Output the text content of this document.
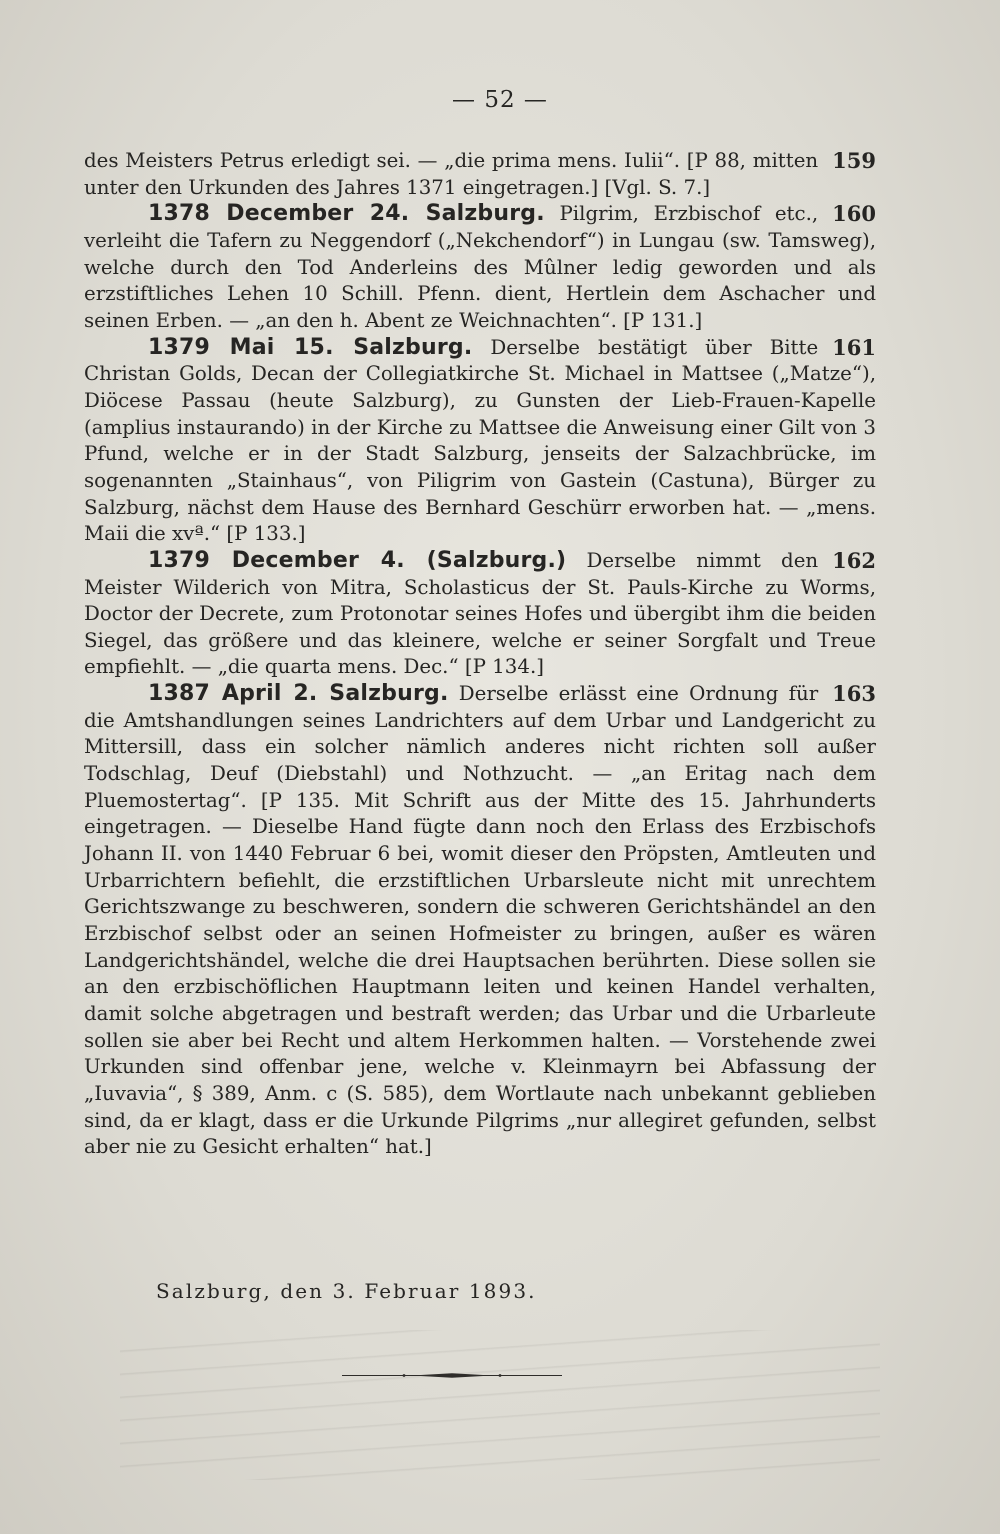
— 52 —

159
des Meisters Petrus erledigt sei. — „die prima mens. Iulii“. [P 88, mitten unter den Urkunden des Jahres 1371 eingetragen.] [Vgl. S. 7.]

160
1378 December 24. Salzburg. Pilgrim, Erzbischof etc., verleiht die Tafern zu Neggendorf („Nekchendorf“) in Lungau (sw. Tamsweg), welche durch den Tod Anderleins des Mûlner ledig geworden und als erzstiftliches Lehen 10 Schill. Pfenn. dient, Hertlein dem Aschacher und seinen Erben. — „an den h. Abent ze Weichnachten“. [P 131.]

161
1379 Mai 15. Salzburg. Derselbe bestätigt über Bitte Christan Golds, Decan der Collegiatkirche St. Michael in Mattsee („Matze“), Diöcese Passau (heute Salzburg), zu Gunsten der Lieb-Frauen-Kapelle (amplius instaurando) in der Kirche zu Mattsee die Anweisung einer Gilt von 3 Pfund, welche er in der Stadt Salzburg, jenseits der Salzachbrücke, im sogenannten „Stainhaus“, von Piligrim von Gastein (Castuna), Bürger zu Salzburg, nächst dem Hause des Bernhard Geschürr erworben hat. — „mens. Maii die xvª.“ [P 133.]

162
1379 December 4. (Salzburg.) Derselbe nimmt den Meister Wilderich von Mitra, Scholasticus der St. Pauls-Kirche zu Worms, Doctor der Decrete, zum Protonotar seines Hofes und übergibt ihm die beiden Siegel, das größere und das kleinere, welche er seiner Sorgfalt und Treue empfiehlt. — „die quarta mens. Dec.“ [P 134.]

163
1387 April 2. Salzburg. Derselbe erlässt eine Ordnung für die Amtshandlungen seines Landrichters auf dem Urbar und Landgericht zu Mittersill, dass ein solcher nämlich anderes nicht richten soll außer Todschlag, Deuf (Diebstahl) und Nothzucht. — „an Eritag nach dem Pluemostertag“. [P 135. Mit Schrift aus der Mitte des 15. Jahrhunderts eingetragen. — Dieselbe Hand fügte dann noch den Erlass des Erzbischofs Johann II. von 1440 Februar 6 bei, womit dieser den Pröpsten, Amtleuten und Urbarrichtern befiehlt, die erzstiftlichen Urbarsleute nicht mit unrechtem Gerichtszwange zu beschweren, sondern die schweren Gerichtshändel an den Erzbischof selbst oder an seinen Hofmeister zu bringen, außer es wären Landgerichtshändel, welche die drei Hauptsachen berührten. Diese sollen sie an den erzbischöflichen Hauptmann leiten und keinen Handel verhalten, damit solche abgetragen und bestraft werden; das Urbar und die Urbarleute sollen sie aber bei Recht und altem Herkommen halten. — Vorstehende zwei Urkunden sind offenbar jene, welche v. Kleinmayrn bei Abfassung der „Iuvavia“, § 389, Anm. c (S. 585), dem Wortlaute nach unbekannt geblieben sind, da er klagt, dass er die Urkunde Pilgrims „nur allegiret gefunden, selbst aber nie zu Gesicht erhalten“ hat.]

Salzburg, den 3. Februar 1893.
